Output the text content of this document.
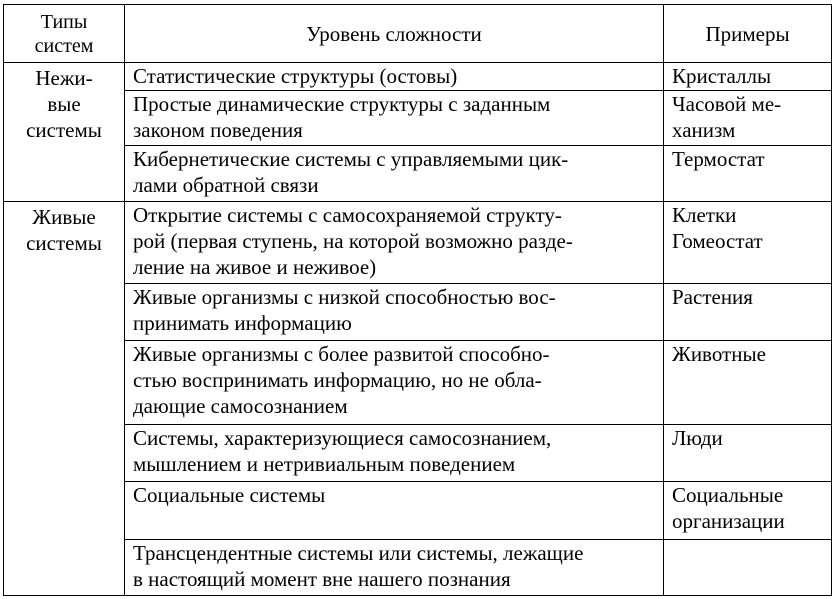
Типы
систем	Уровень сложности	Примеры

Нежи-
вые
системы	Статистические структуры (остовы)	Кристаллы

	Простые динамические структуры с заданным
законом поведения	Часовой ме-
ханизм

	Кибернетические системы с управляемыми цик-
лами обратной связи	Термостат

Живые
системы	Открытие системы с самосохраняемой структу-
рой (первая ступень, на которой возможно разде-
ление на живое и неживое)	Клетки
Гомеостат

	Живые организмы с низкой способностью вос-
принимать информацию	Растения

	Живые организмы с более развитой способно-
стью воспринимать информацию, но не обла-
дающие самосознанием	Животные

	Системы, характеризующиеся самосознанием,
мышлением и нетривиальным поведением	Люди

	Социальные системы	Социальные
организации

	Трансцендентные системы или системы, лежащие
в настоящий момент вне нашего познания	
